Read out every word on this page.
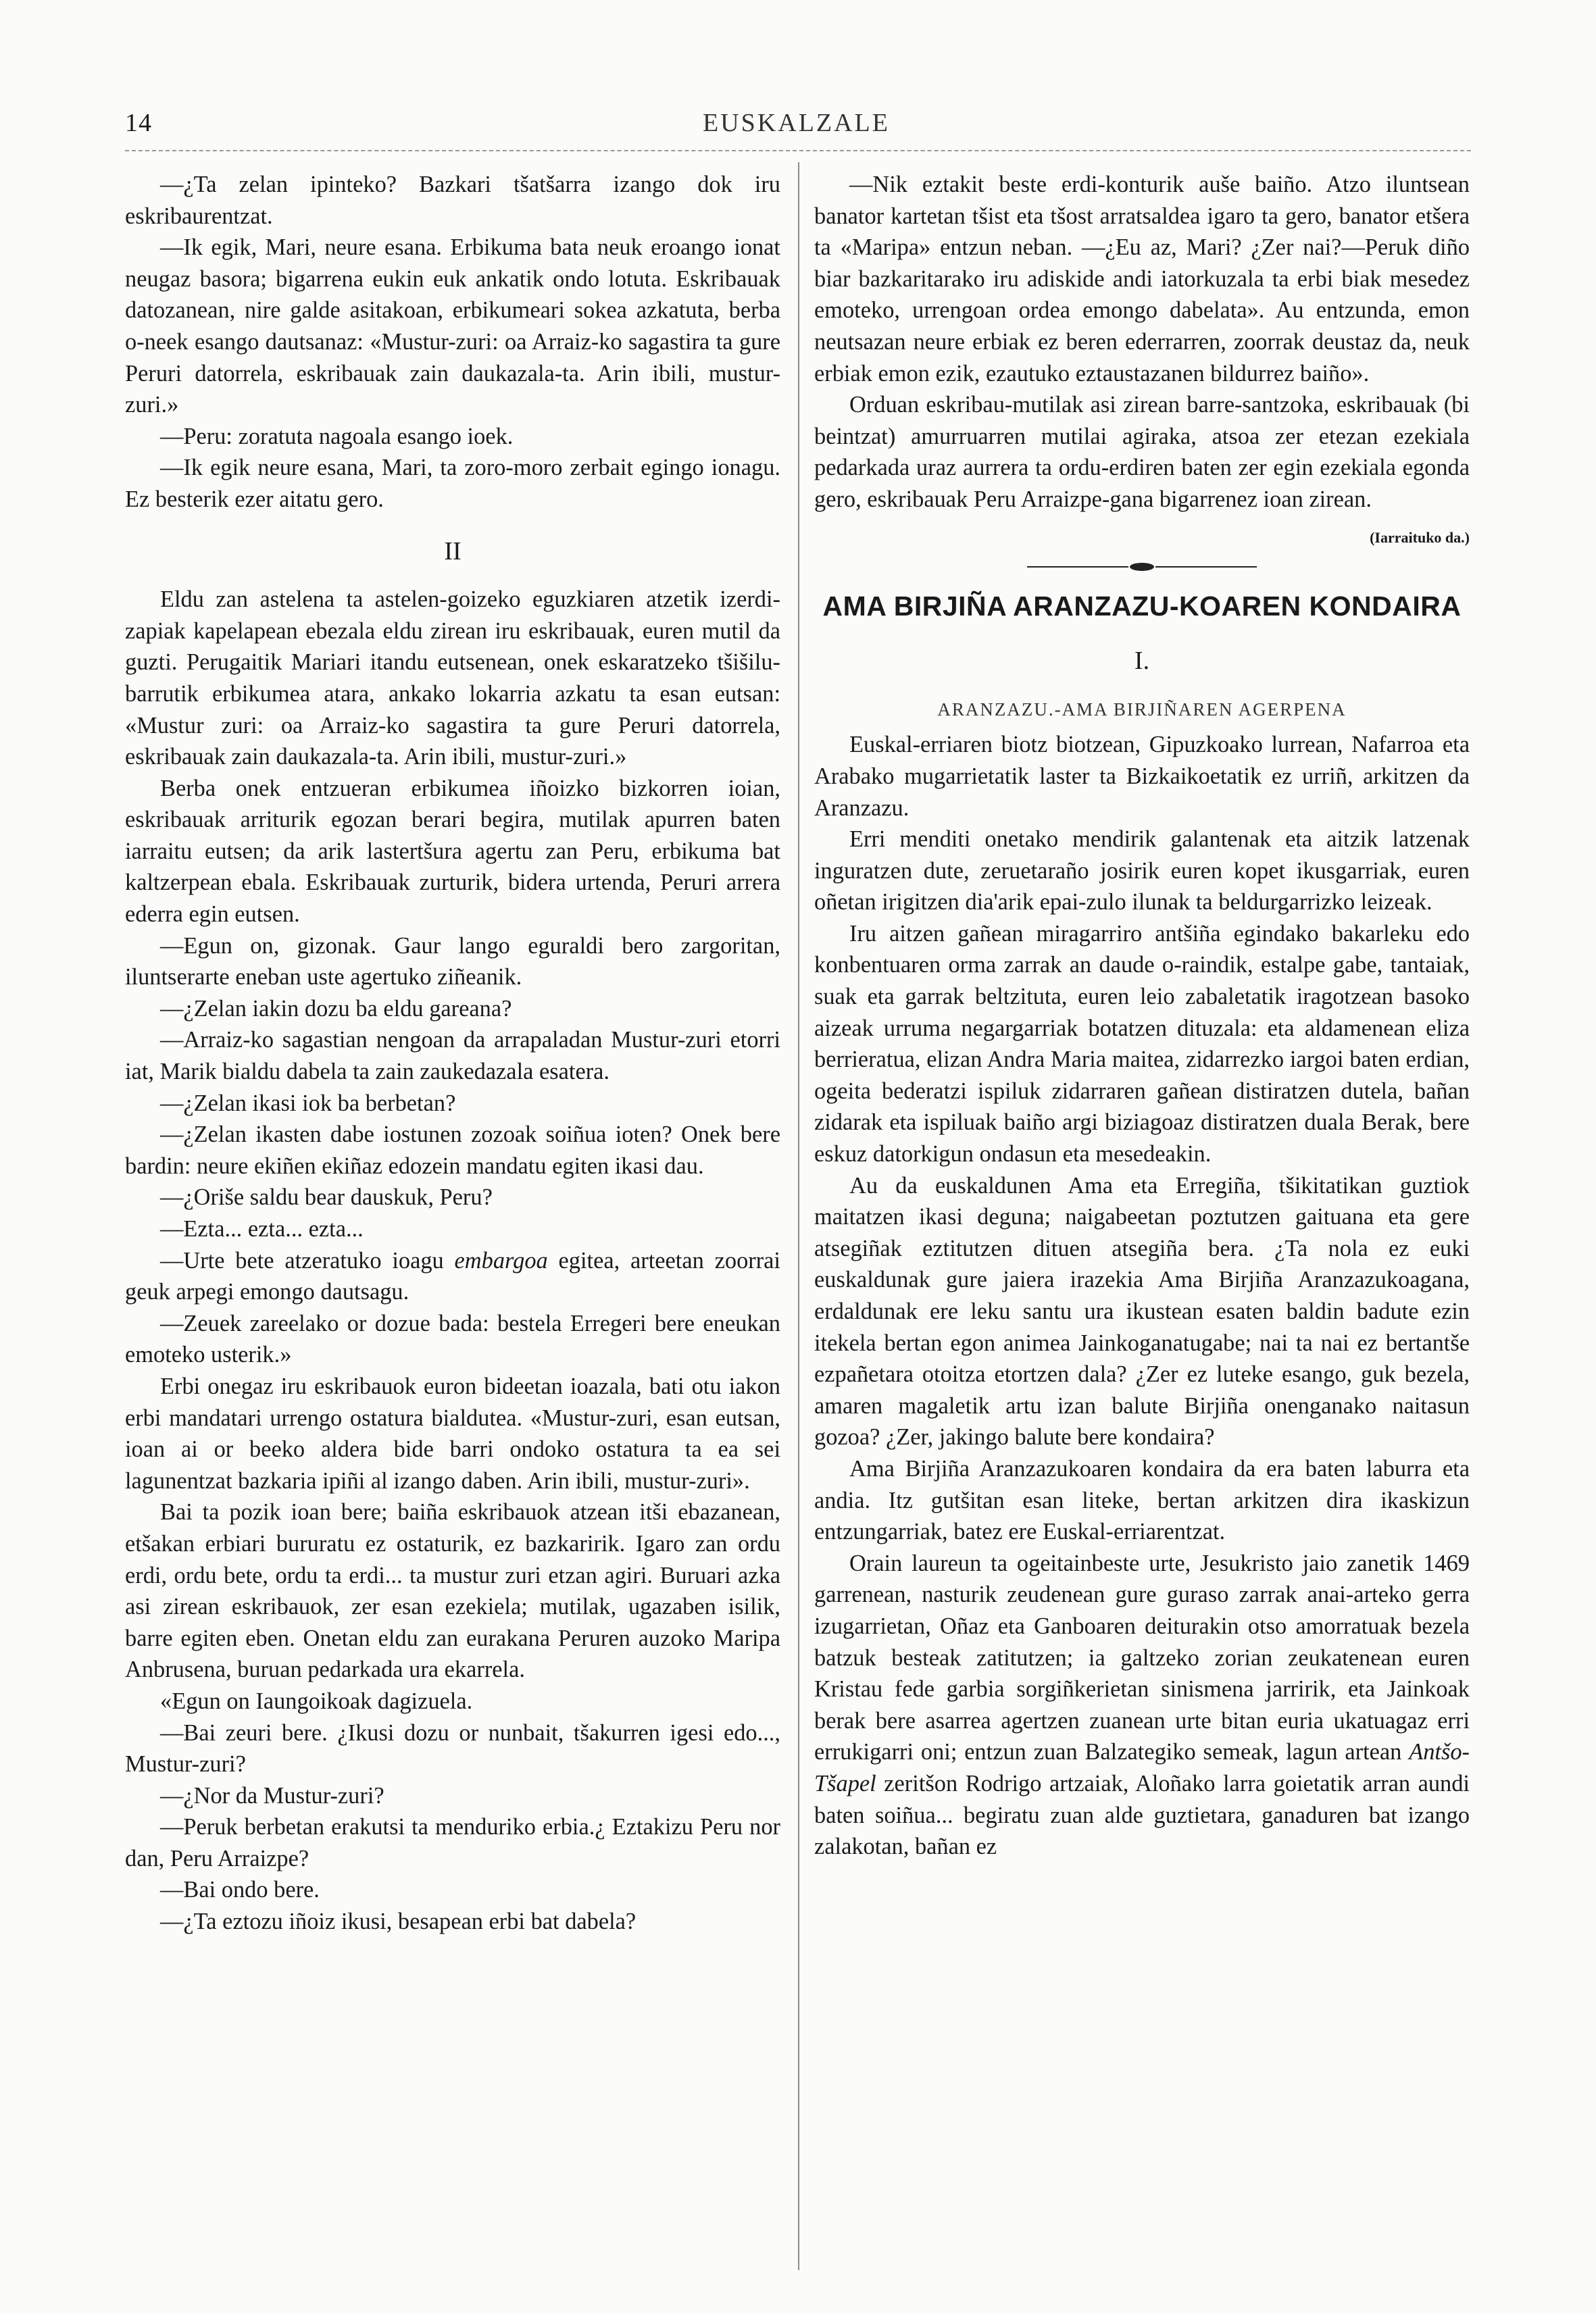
14	EUSKALZALE

—¿Ta zelan ipinteko? Bazkari tšatšarra izango dok iru eskribaurentzat.

—Ik egik, Mari, neure esana. Erbikuma bata neuk eroango ionat neugaz basora; bigarrena eukin euk ankatik ondo lotuta. Eskribauak datozanean, nire galde asitakoan, erbikumeari sokea azkatuta, berba o-neek esango dautsanaz: «Mustur-zuri: oa Arraiz-ko sagastira ta gure Peruri datorrela, eskribauak zain daukazala-ta. Arin ibili, mustur-zuri.»

—Peru: zoratuta nagoala esango ioek.

—Ik egik neure esana, Mari, ta zoro-moro zerbait egingo ionagu. Ez besterik ezer aitatu gero.

II

Eldu zan astelena ta astelen-goizeko eguzkiaren atzetik izerdi-zapiak kapelapean ebezala eldu zirean iru eskribauak, euren mutil da guzti. Perugaitik Mariari itandu eutsenean, onek eskaratzeko tšišilu-barrutik erbikumea atara, ankako lokarria azkatu ta esan eutsan: «Mustur zuri: oa Arraiz-ko sagastira ta gure Peruri datorrela, eskribauak zain daukazala-ta. Arin ibili, mustur-zuri.»

Berba onek entzueran erbikumea iñoizko bizkorren ioian, eskribauak arriturik egozan berari begira, mutilak apurren baten iarraitu eutsen; da arik lastertšura agertu zan Peru, erbikuma bat kaltzerpean ebala. Eskribauak zurturik, bidera urtenda, Peruri arrera ederra egin eutsen.

—Egun on, gizonak. Gaur lango eguraldi bero zargoritan, iluntserarte eneban uste agertuko ziñeanik.

—¿Zelan iakin dozu ba eldu gareana?

—Arraiz-ko sagastian nengoan da arrapaladan Mustur-zuri etorri iat, Marik bialdu dabela ta zain zaukedazala esatera.

—¿Zelan ikasi iok ba berbetan?

—¿Zelan ikasten dabe iostunen zozoak soiñua ioten? Onek bere bardin: neure ekiñen ekiñaz edozein mandatu egiten ikasi dau.

—¿Oriše saldu bear dauskuk, Peru?

—Ezta... ezta... ezta...

—Urte bete atzeratuko ioagu embargoa egitea, arteetan zoorrai geuk arpegi emongo dautsagu.

—Zeuek zareelako or dozue bada: bestela Erregeri bere eneukan emoteko usterik.»

Erbi onegaz iru eskribauok euron bideetan ioazala, bati otu iakon erbi mandatari urrengo ostatura bialdutea. «Mustur-zuri, esan eutsan, ioan ai or beeko aldera bide barri ondoko ostatura ta ea sei lagunentzat bazkaria ipiñi al izango daben. Arin ibili, mustur-zuri».

Bai ta pozik ioan bere; baiña eskribauok atzean itši ebazanean, etšakan erbiari bururatu ez ostaturik, ez bazkaririk. Igaro zan ordu erdi, ordu bete, ordu ta erdi... ta mustur zuri etzan agiri. Buruari azka asi zirean eskribauok, zer esan ezekiela; mutilak, ugazaben isilik, barre egiten eben. Onetan eldu zan eurakana Peruren auzoko Maripa Anbrusena, buruan pedarkada ura ekarrela.

«Egun on Iaungoikoak dagizuela.

—Bai zeuri bere. ¿Ikusi dozu or nunbait, tšakurren igesi edo..., Mustur-zuri?

—¿Nor da Mustur-zuri?

—Peruk berbetan erakutsi ta menduriko erbia.¿ Eztakizu Peru nor dan, Peru Arraizpe?

—Bai ondo bere.

—¿Ta eztozu iñoiz ikusi, besapean erbi bat dabela?

—Nik eztakit beste erdi-konturik auše baiño. Atzo iluntsean banator kartetan tšist eta tšost arratsaldea igaro ta gero, banator etšera ta «Maripa» entzun neban. —¿Eu az, Mari? ¿Zer nai?—Peruk diño biar bazkaritarako iru adiskide andi iatorkuzala ta erbi biak mesedez emoteko, urrengoan ordea emongo dabelata». Au entzunda, emon neutsazan neure erbiak ez beren ederrarren, zoorrak deustaz da, neuk erbiak emon ezik, ezautuko eztaustazanen bildurrez baiño».

Orduan eskribau-mutilak asi zirean barre-santzoka, eskribauak (bi beintzat) amurruarren mutilai agiraka, atsoa zer etezan ezekiala pedarkada uraz aurrera ta ordu-erdiren baten zer egin ezekiala egonda gero, eskribauak Peru Arraizpe-gana bigarrenez ioan zirean.

(Iarraituko da.)

AMA BIRJIÑA ARANZAZU-KOAREN KONDAIRA

I.

ARANZAZU.-AMA BIRJIÑAREN AGERPENA

Euskal-erriaren biotz biotzean, Gipuzkoako lurrean, Nafarroa eta Arabako mugarrietatik laster ta Bizkaikoetatik ez urriñ, arkitzen da Aranzazu.

Erri menditi onetako mendirik galantenak eta aitzik latzenak inguratzen dute, zeruetaraño josirik euren kopet ikusgarriak, euren oñetan irigitzen dia'arik epai-zulo ilunak ta beldurgarrizko leizeak.

Iru aitzen gañean miragarriro antšiña egindako bakarleku edo konbentuaren orma zarrak an daude o-raindik, estalpe gabe, tantaiak, suak eta garrak beltzituta, euren leio zabaletatik iragotzean basoko aizeak urruma negargarriak botatzen dituzala: eta aldamenean eliza berrieratua, elizan Andra Maria maitea, zidarrezko iargoi baten erdian, ogeita bederatzi ispiluk zidarraren gañean distiratzen dutela, bañan zidarak eta ispiluak baiño argi biziagoaz distiratzen duala Berak, bere eskuz datorkigun ondasun eta mesedeakin.

Au da euskaldunen Ama eta Erregiña, tšikitatikan guztiok maitatzen ikasi deguna; naigabeetan poztutzen gaituana eta gere atsegiñak eztitutzen dituen atsegiña bera. ¿Ta nola ez euki euskaldunak gure jaiera irazekia Ama Birjiña Aranzazukoagana, erdaldunak ere leku santu ura ikustean esaten baldin badute ezin itekela bertan egon animea Jainkoganatugabe; nai ta nai ez bertantše ezpañetara otoitza etortzen dala? ¿Zer ez luteke esango, guk bezela, amaren magaletik artu izan balute Birjiña onenganako naitasun gozoa? ¿Zer, jakingo balute bere kondaira?

Ama Birjiña Aranzazukoaren kondaira da era baten laburra eta andia. Itz gutšitan esan liteke, bertan arkitzen dira ikaskizun entzungarriak, batez ere Euskal-erriarentzat.

Orain laureun ta ogeitainbeste urte, Jesukristo jaio zanetik 1469 garrenean, nasturik zeudenean gure guraso zarrak anai-arteko gerra izugarrietan, Oñaz eta Ganboaren deiturakin otso amorratuak bezela batzuk besteak zatitutzen; ia galtzeko zorian zeukatenean euren Kristau fede garbia sorgiñkerietan sinismena jarririk, eta Jainkoak berak bere asarrea agertzen zuanean urte bitan euria ukatuagaz erri errukigarri oni; entzun zuan Balzategiko semeak, lagun artean Antšo-Tšapel zeritšon Rodrigo artzaiak, Aloñako larra goietatik arran aundi baten soiñua... begiratu zuan alde guztietara, ganaduren bat izango zalakotan, bañan ez
